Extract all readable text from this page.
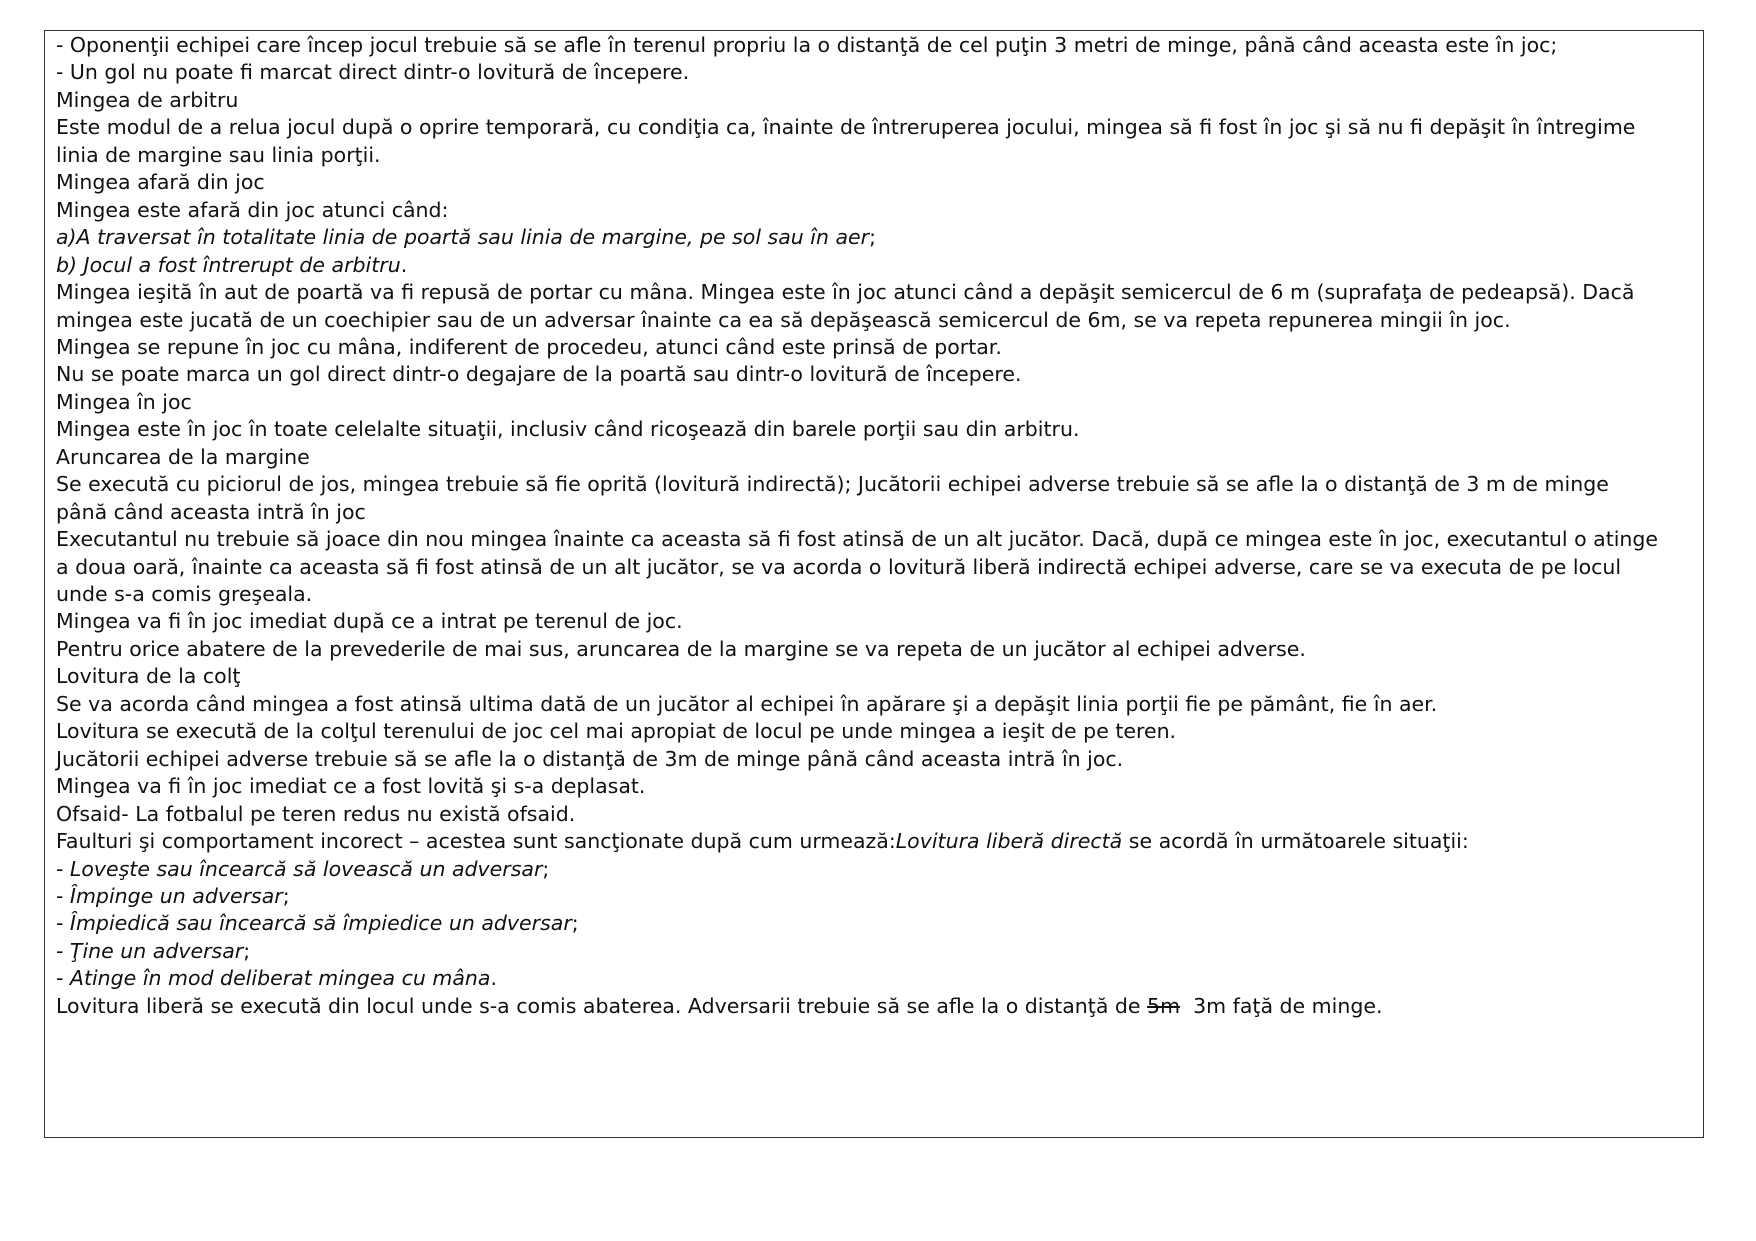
- Oponenţii echipei care încep jocul trebuie să se afle în terenul propriu la o distanţă de cel puţin 3 metri de minge, până când aceasta este în joc;
- Un gol nu poate fi marcat direct dintr-o lovitură de începere.
Mingea de arbitru
Este modul de a relua jocul după o oprire temporară, cu condiţia ca, înainte de întreruperea jocului, mingea să fi fost în joc şi să nu fi depăşit în întregime
linia de margine sau linia porţii.
Mingea afară din joc
Mingea este afară din joc atunci când:
a)A traversat în totalitate linia de poartă sau linia de margine, pe sol sau în aer;
b) Jocul a fost întrerupt de arbitru.
Mingea ieşită în aut de poartă va fi repusă de portar cu mâna. Mingea este în joc atunci când a depăşit semicercul de 6 m (suprafaţa de pedeapsă). Dacă
mingea este jucată de un coechipier sau de un adversar înainte ca ea să depăşească semicercul de 6m, se va repeta repunerea mingii în joc.
Mingea se repune în joc cu mâna, indiferent de procedeu, atunci când este prinsă de portar.
Nu se poate marca un gol direct dintr-o degajare de la poartă sau dintr-o lovitură de începere.
Mingea în joc
Mingea este în joc în toate celelalte situaţii, inclusiv când ricoşează din barele porţii sau din arbitru.
Aruncarea de la margine
Se execută cu piciorul de jos, mingea trebuie să fie oprită (lovitură indirectă); Jucătorii echipei adverse trebuie să se afle la o distanţă de 3 m de minge
până când aceasta intră în joc
Executantul nu trebuie să joace din nou mingea înainte ca aceasta să fi fost atinsă de un alt jucător. Dacă, după ce mingea este în joc, executantul o atinge
a doua oară, înainte ca aceasta să fi fost atinsă de un alt jucător, se va acorda o lovitură liberă indirectă echipei adverse, care se va executa de pe locul
unde s-a comis greşeala.
Mingea va fi în joc imediat după ce a intrat pe terenul de joc.
Pentru orice abatere de la prevederile de mai sus, aruncarea de la margine se va repeta de un jucător al echipei adverse.
Lovitura de la colţ
Se va acorda când mingea a fost atinsă ultima dată de un jucător al echipei în apărare şi a depăşit linia porţii fie pe pământ, fie în aer.
Lovitura se execută de la colţul terenului de joc cel mai apropiat de locul pe unde mingea a ieşit de pe teren.
Jucătorii echipei adverse trebuie să se afle la o distanţă de 3m de minge până când aceasta intră în joc.
Mingea va fi în joc imediat ce a fost lovită şi s-a deplasat.
Ofsaid- La fotbalul pe teren redus nu există ofsaid.
Faulturi şi comportament incorect – acestea sunt sancţionate după cum urmează:Lovitura liberă directă se acordă în următoarele situaţii:
- Loveşte sau încearcă să lovească un adversar;
- Împinge un adversar;
- Împiedică sau încearcă să împiedice un adversar;
- Ţine un adversar;
- Atinge în mod deliberat mingea cu mâna.
Lovitura liberă se execută din locul unde s-a comis abaterea. Adversarii trebuie să se afle la o distanţă de 5m  3m faţă de minge.
